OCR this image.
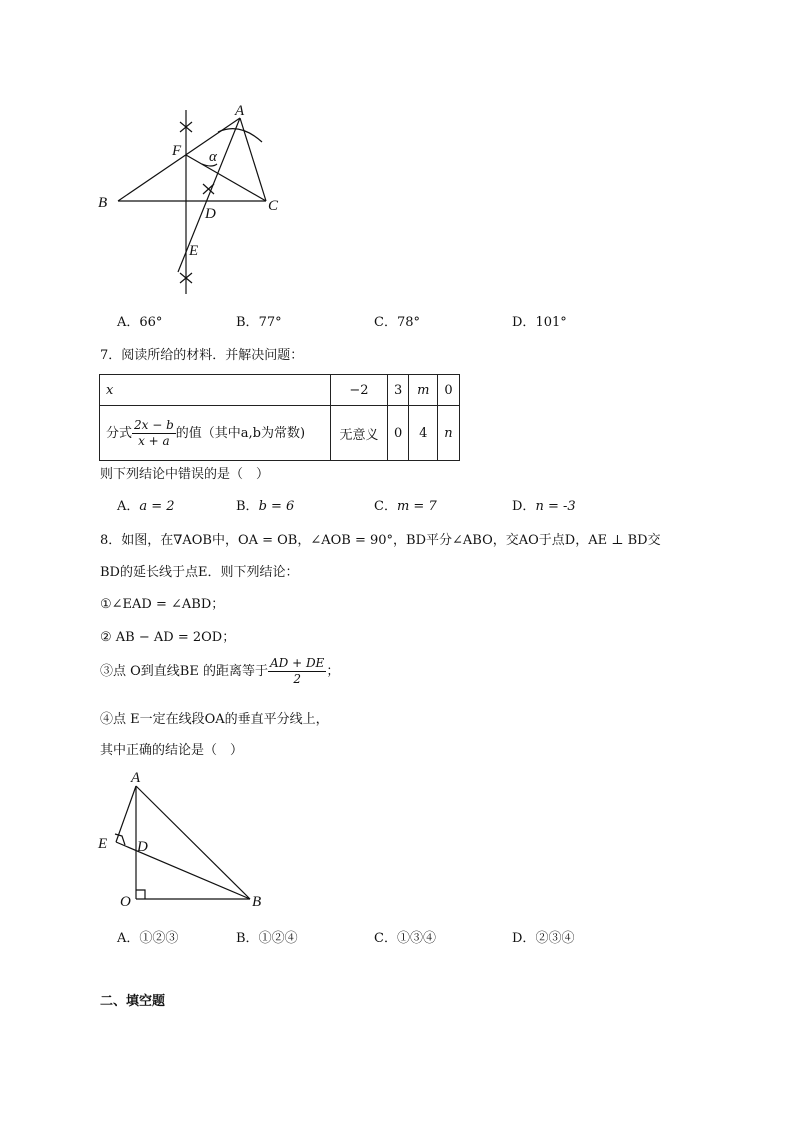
A
B	C
F
D
E
α
A．66°	B．77°	C．78°	D．101°
7．阅读所给的材料．并解决问题：
x	−2	3	m	0
分式 $\frac{2x - b}{x + a}$ 的值（其中a,b为常数)	无意义	0	4	n
则下列结论中错误的是（　）
A．a = 2	B．b = 6	C．m = 7	D．n = -3
8．如图，在∇AOB中，OA = OB，∠AOB = 90°，BD平分∠ABO，交AO于点D，AE ⊥ BD交
BD的延长线于点E．则下列结论：
①∠EAD = ∠ABD；
② AB − AD = 2OD；
③点 O到直线BE 的距离等于 $\frac{AD + DE}{2}$ ；
④点 E一定在线段OA的垂直平分线上，
其中正确的结论是（　）
A
E D
O	B
A．①②③	B．①②④	C．①③④	D．②③④
二、填空题
